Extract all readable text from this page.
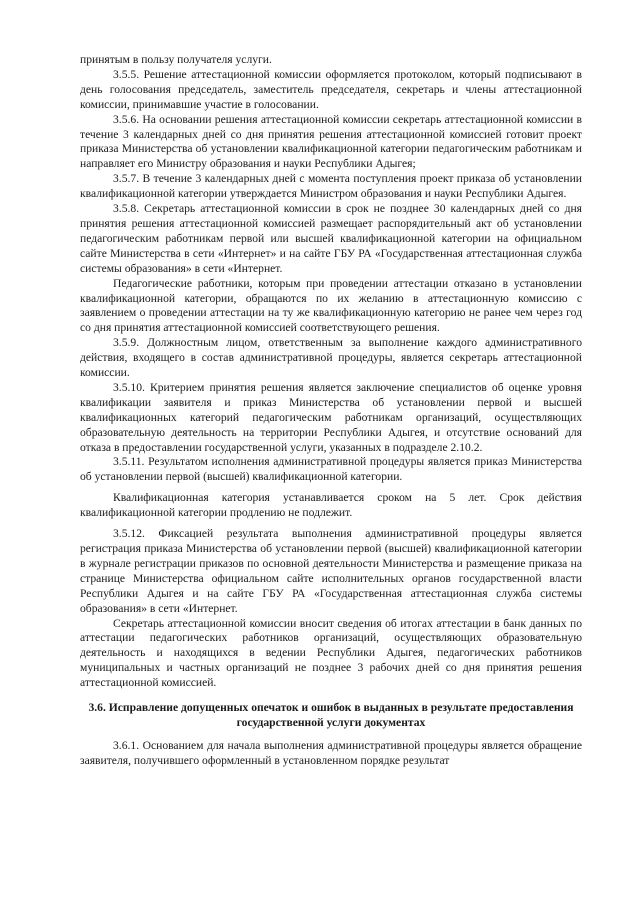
принятым в пользу получателя услуги.

3.5.5. Решение аттестационной комиссии оформляется протоколом, который подписывают в день голосования председатель, заместитель председателя, секретарь и члены аттестационной комиссии, принимавшие участие в голосовании.

3.5.6. На основании решения аттестационной комиссии секретарь аттестационной комиссии в течение 3 календарных дней со дня принятия решения аттестационной комиссией готовит проект приказа Министерства об установлении квалификационной категории педагогическим работникам и направляет его Министру образования и науки Республики Адыгея;

3.5.7. В течение 3 календарных дней с момента поступления проект приказа об установлении квалификационной категории утверждается Министром образования и науки Республики Адыгея.

3.5.8. Секретарь аттестационной комиссии в срок не позднее 30 календарных дней со дня принятия решения аттестационной комиссией размещает распорядительный акт об установлении педагогическим работникам первой или высшей квалификационной категории на официальном сайте Министерства в сети «Интернет» и на сайте ГБУ РА «Государственная аттестационная служба системы образования» в сети «Интернет.

Педагогические работники, которым при проведении аттестации отказано в установлении квалификационной категории, обращаются по их желанию в аттестационную комиссию с заявлением о проведении аттестации на ту же квалификационную категорию не ранее чем через год со дня принятия аттестационной комиссией соответствующего решения.

3.5.9. Должностным лицом, ответственным за выполнение каждого административного действия, входящего в состав административной процедуры, является секретарь аттестационной комиссии.

3.5.10. Критерием принятия решения является заключение специалистов об оценке уровня квалификации заявителя и приказ Министерства об установлении первой и высшей квалификационных категорий педагогическим работникам организаций, осуществляющих образовательную деятельность на территории Республики Адыгея, и отсутствие оснований для отказа в предоставлении государственной услуги, указанных в подразделе 2.10.2.

3.5.11. Результатом исполнения административной процедуры является приказ Министерства об установлении первой (высшей) квалификационной категории.

Квалификационная категория устанавливается сроком на 5 лет. Срок действия квалификационной категории продлению не подлежит.

3.5.12. Фиксацией результата выполнения административной процедуры является регистрация приказа Министерства об установлении первой (высшей) квалификационной категории в журнале регистрации приказов по основной деятельности Министерства и размещение приказа на странице Министерства официальном сайте исполнительных органов государственной власти Республики Адыгея и на сайте ГБУ РА «Государственная аттестационная служба системы образования» в сети «Интернет.

Секретарь аттестационной комиссии вносит сведения об итогах аттестации в банк данных по аттестации педагогических работников организаций, осуществляющих образовательную деятельность и находящихся в ведении Республики Адыгея, педагогических работников муниципальных и частных организаций не позднее 3 рабочих дней со дня принятия решения аттестационной комиссией.

3.6. Исправление допущенных опечаток и ошибок в выданных в результате предоставления государственной услуги документах

3.6.1. Основанием для начала выполнения административной процедуры является обращение заявителя, получившего оформленный в установленном порядке результат
